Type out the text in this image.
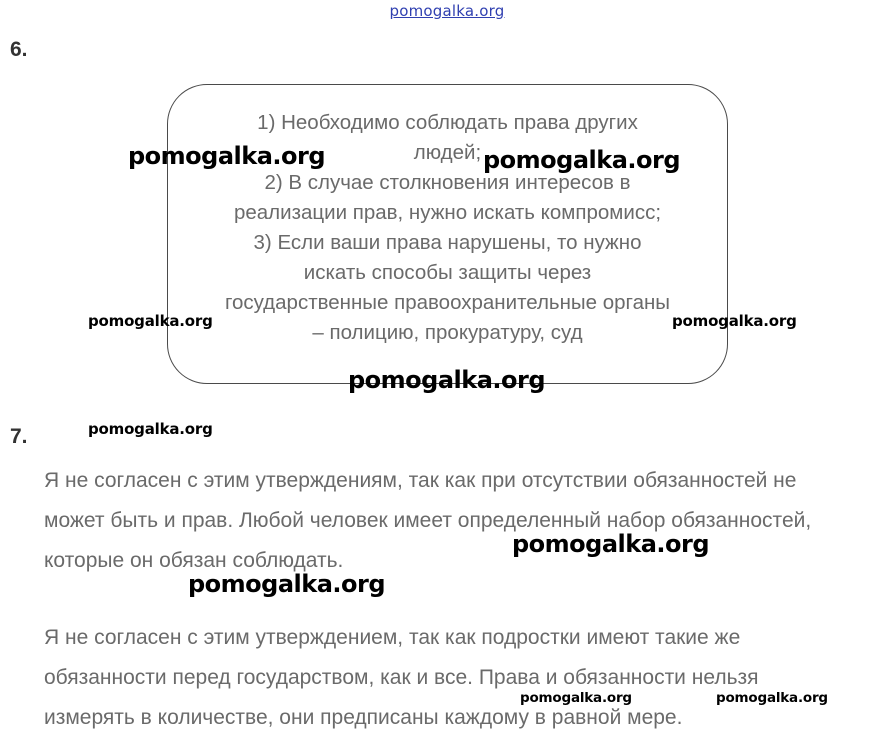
pomogalka.org
6.
1) Необходимо соблюдать права других
людей;
2) В случае столкновения интересов в
реализации прав, нужно искать компромисс;
3) Если ваши права нарушены, то нужно
искать способы защиты через
государственные правоохранительные органы
– полицию, прокуратуру, суд
7.
Я не согласен с этим утверждениям, так как при отсутствии обязанностей не
может быть и прав. Любой человек имеет определенный набор обязанностей,
которые он обязан соблюдать.
Я не согласен с этим утверждением, так как подростки имеют такие же
обязанности перед государством, как и все. Права и обязанности нельзя
измерять в количестве, они предписаны каждому в равной мере.
pomogalka.org	pomogalka.org
pomogalka.org	pomogalka.org
pomogalka.org
pomogalka.org
pomogalka.org
pomogalka.org
pomogalka.org	pomogalka.org
